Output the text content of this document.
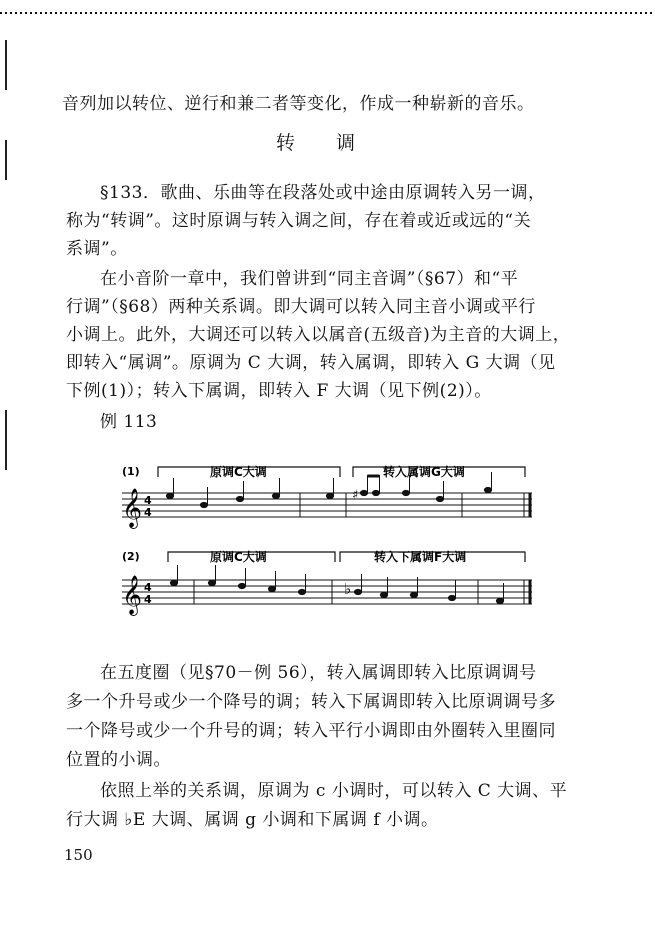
音列加以转位、逆行和兼二者等变化，作成一种崭新的音乐。
转　　调
§133．歌曲、乐曲等在段落处或中途由原调转入另一调，
称为“转调”。这时原调与转入调之间，存在着或近或远的“关
系调”。
在小音阶一章中，我们曾讲到“同主音调”（§67）和“平
行调”（§68）两种关系调。即大调可以转入同主音小调或平行
小调上。此外，大调还可以转入以属音(五级音)为主音的大调上，
即转入“属调”。原调为 C 大调，转入属调，即转入 G 大调（见
下例(1)）；转入下属调，即转入 F 大调（见下例(2)）。
例 113
(1)	原调C大调	转入属调G大调
𝄞 4
4
♯
(2)	原调C大调	转入下属调F大调
𝄞 4
4
♭
在五度圈（见§70－例 56），转入属调即转入比原调调号
多一个升号或少一个降号的调；转入下属调即转入比原调调号多
一个降号或少一个升号的调；转入平行小调即由外圈转入里圈同
位置的小调。
依照上举的关系调，原调为 c 小调时，可以转入 C 大调、平
行大调 ♭E 大调、属调 g 小调和下属调 f 小调。
150
